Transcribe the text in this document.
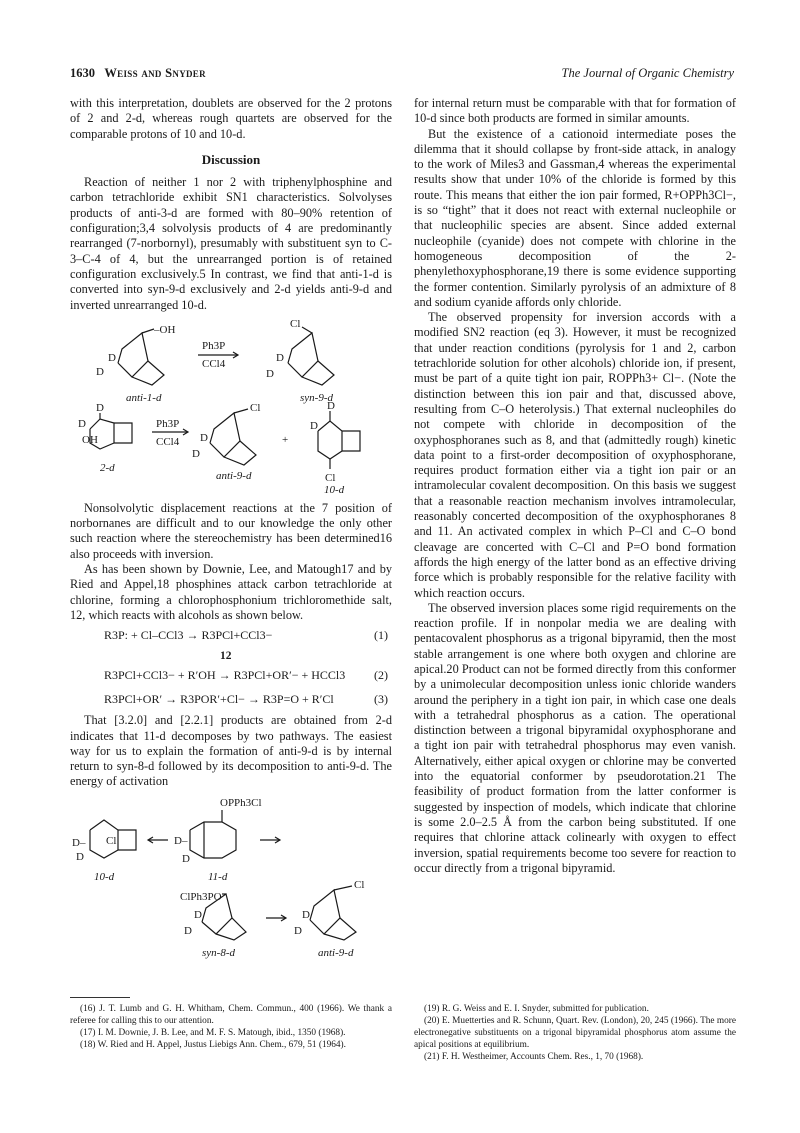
1630 Weiss and Snyder	The Journal of Organic Chemistry

with this interpretation, doublets are observed for the 2 protons of 2 and 2-d, whereas rough quartets are observed for the comparable protons of 10 and 10-d.

Discussion

Reaction of neither 1 nor 2 with triphenylphosphine and carbon tetrachloride exhibit SN1 characteristics. Solvolyses products of anti-3-d are formed with 80–90% retention of configuration;3,4 solvolysis products of 4 are predominantly rearranged (7-norbornyl), presumably with substituent syn to C-3–C-4 of 4, but the unrearranged portion is of retained configuration exclusively.5 In contrast, we find that anti-1-d is converted into syn-9-d exclusively and 2-d yields anti-9-d and inverted unrearranged 10-d.

–OH
D
D
Ph3P
CCl4
Cl
D
D
anti-1-d	syn-9-d
D
D
OH
Ph3P
CCl4
Cl
D
D
+
D
D
Cl
2-d
anti-9-d
10-d

Nonsolvolytic displacement reactions at the 7 position of norbornanes are difficult and to our knowledge the only other such reaction where the stereochemistry has been determined16 also proceeds with inversion.

As has been shown by Downie, Lee, and Matough17 and by Ried and Appel,18 phosphines attack carbon tetrachloride at chlorine, forming a chlorophosphonium trichloromethide salt, 12, which reacts with alcohols as shown below.

R3P: + Cl–CCl3 → R3PCl+CCl3−	(1)
12
R3PCl+CCl3− + R′OH → R3PCl+OR′− + HCCl3 (2)
R3PCl+OR′ → R3POR′+Cl− → R3P=O + R′Cl	(3)

That [3.2.0] and [2.2.1] products are obtained from 2-d indicates that 11-d decomposes by two pathways. The easiest way for us to explain the formation of anti-9-d is by internal return to syn-8-d followed by its decomposition to anti-9-d. The energy of activation

Cl
D–
D
OPPh3Cl
D–
D
10-d	11-d
ClPh3PO
D
D
Cl
D
D
syn-8-d	anti-9-d

for internal return must be comparable with that for formation of 10-d since both products are formed in similar amounts.

But the existence of a cationoid intermediate poses the dilemma that it should collapse by front-side attack, in analogy to the work of Miles3 and Gassman,4 whereas the experimental results show that under 10% of the chloride is formed by this route. This means that either the ion pair formed, R+OPPh3Cl−, is so “tight” that it does not react with external nucleophile or that nucleophilic species are absent. Since added external nucleophile (cyanide) does not compete with chlorine in the homogeneous decomposition of the 2-phenylethoxyphosphorane,19 there is some evidence supporting the former contention. Similarly pyrolysis of an admixture of 8 and sodium cyanide affords only chloride.

The observed propensity for inversion accords with a modified SN2 reaction (eq 3). However, it must be recognized that under reaction conditions (pyrolysis for 1 and 2, carbon tetrachloride solution for other alcohols) chloride ion, if present, must be part of a quite tight ion pair, ROPPh3+ Cl−. (Note the distinction between this ion pair and that, discussed above, resulting from C–O heterolysis.) That external nucleophiles do not compete with chloride in decomposition of the oxyphosphoranes such as 8, and that (admittedly rough) kinetic data point to a first-order decomposition of oxyphosphorane, requires product formation either via a tight ion pair or an intramolecular covalent decomposition. On this basis we suggest that a reasonable reaction mechanism involves intramolecular, reasonably concerted decomposition of the oxyphosphoranes 8 and 11. An activated complex in which P–Cl and C–O bond cleavage are concerted with C–Cl and P=O bond formation affords the high energy of the latter bond as an effective driving force which is probably responsible for the relative facility with which reaction occurs.

The observed inversion places some rigid requirements on the reaction profile. If in nonpolar media we are dealing with pentacovalent phosphorus as a trigonal bipyramid, then the most stable arrangement is one where both oxygen and chlorine are apical.20 Product can not be formed directly from this conformer by a unimolecular decomposition unless ionic chloride wanders around the periphery in a tight ion pair, in which case one deals with a tetrahedral phosphorus as a cation. The operational distinction between a trigonal bipyramidal oxyphosphorane and a tight ion pair with tetrahedral phosphorus may even vanish. Alternatively, either apical oxygen or chlorine may be converted into the equatorial conformer by pseudorotation.21 The feasibility of product formation from the latter conformer is suggested by inspection of models, which indicate that chlorine is some 2.0–2.5 Å from the carbon being substituted. If one requires that chlorine attack colinearly with oxygen to effect inversion, spatial requirements become too severe for reaction to occur directly from a trigonal bipyramid.

(16) J. T. Lumb and G. H. Whitham, Chem. Commun., 400 (1966). We thank a referee for calling this to our attention.
(17) I. M. Downie, J. B. Lee, and M. F. S. Matough, ibid., 1350 (1968).
(18) W. Ried and H. Appel, Justus Liebigs Ann. Chem., 679, 51 (1964).
(19) R. G. Weiss and E. I. Snyder, submitted for publication.
(20) E. Muetterties and R. Schunn, Quart. Rev. (London), 20, 245 (1966). The more electronegative substituents on a trigonal bipyramidal phosphorus atom assume the apical positions at equilibrium.
(21) F. H. Westheimer, Accounts Chem. Res., 1, 70 (1968).
